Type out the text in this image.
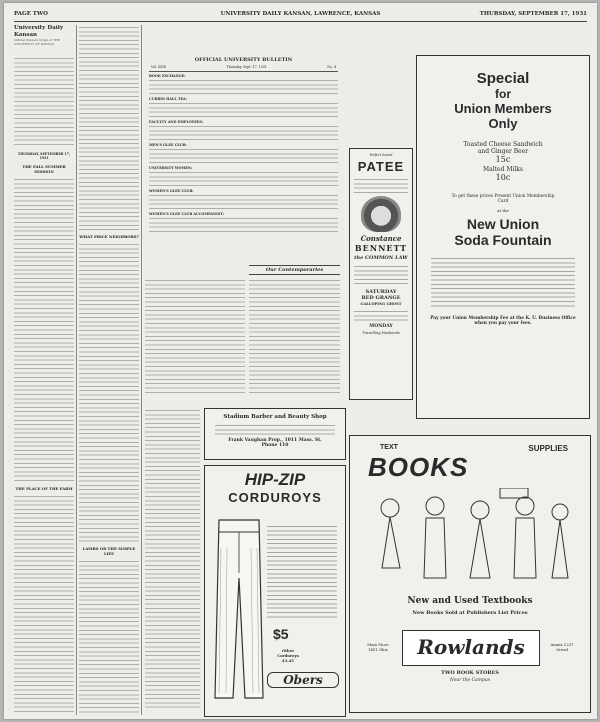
PAGE TWO	UNIVERSITY DAILY KANSAN, LAWRENCE, KANSAS	THURSDAY, SEPTEMBER 17, 1931
University Daily Kansan
Official Student Organ of THE UNIVERSITY OF KANSAS
THURSDAY, SEPTEMBER 17, 1931
THE FALL SUMMER SESSION
THE PLACE OF THE FARM
WHAT PRICE NEIGHBORS?
LAMBS OR THE SIMPLE LIFE
OFFICIAL UNIVERSITY BULLETIN
Vol. XXIX	Thursday, Sept. 17, 1931	No. 4
BOOK EXCHANGE:
CURRIN HALL TEA:
FACULTY AND EMPLOYEES:
MEN'S GLEE CLUB:
UNIVERSITY WOMEN:
WOMEN'S GLEE CLUB:
WOMEN'S GLEE CLUB ACCOMPANIST:
Our Contemporaries
Perfect Sound
PATEE
Constance
BENNETT
the COMMON LAW
SATURDAY
RED GRANGE
GALLOPING GHOST
MONDAY
Travelling Husbands
Special
for
Union Members
Only
Toasted Cheese Sandwich
and Ginger Beer
15c
Malted Milks
10c
To get these prices Present Union Membership Card
at the
New Union
Soda Fountain
Pay your Union Membership Fee at the K. U. Business Office when you pay your fees.
Stadium Barber and Beauty Shop
Frank Vaughan Prop., 1011 Mass. St.
Phone 110
HIP-ZIP
CORDUROYS
$5
Other Corduroys $3.45
Obers
TEXT
BOOKS
SUPPLIES
New and Used Textbooks
New Books Sold at Publishers List Prices
Main Store 1401 Ohio	Rowlands	Annex 1237 Oread
TWO BOOK STORES
Near the Campus
